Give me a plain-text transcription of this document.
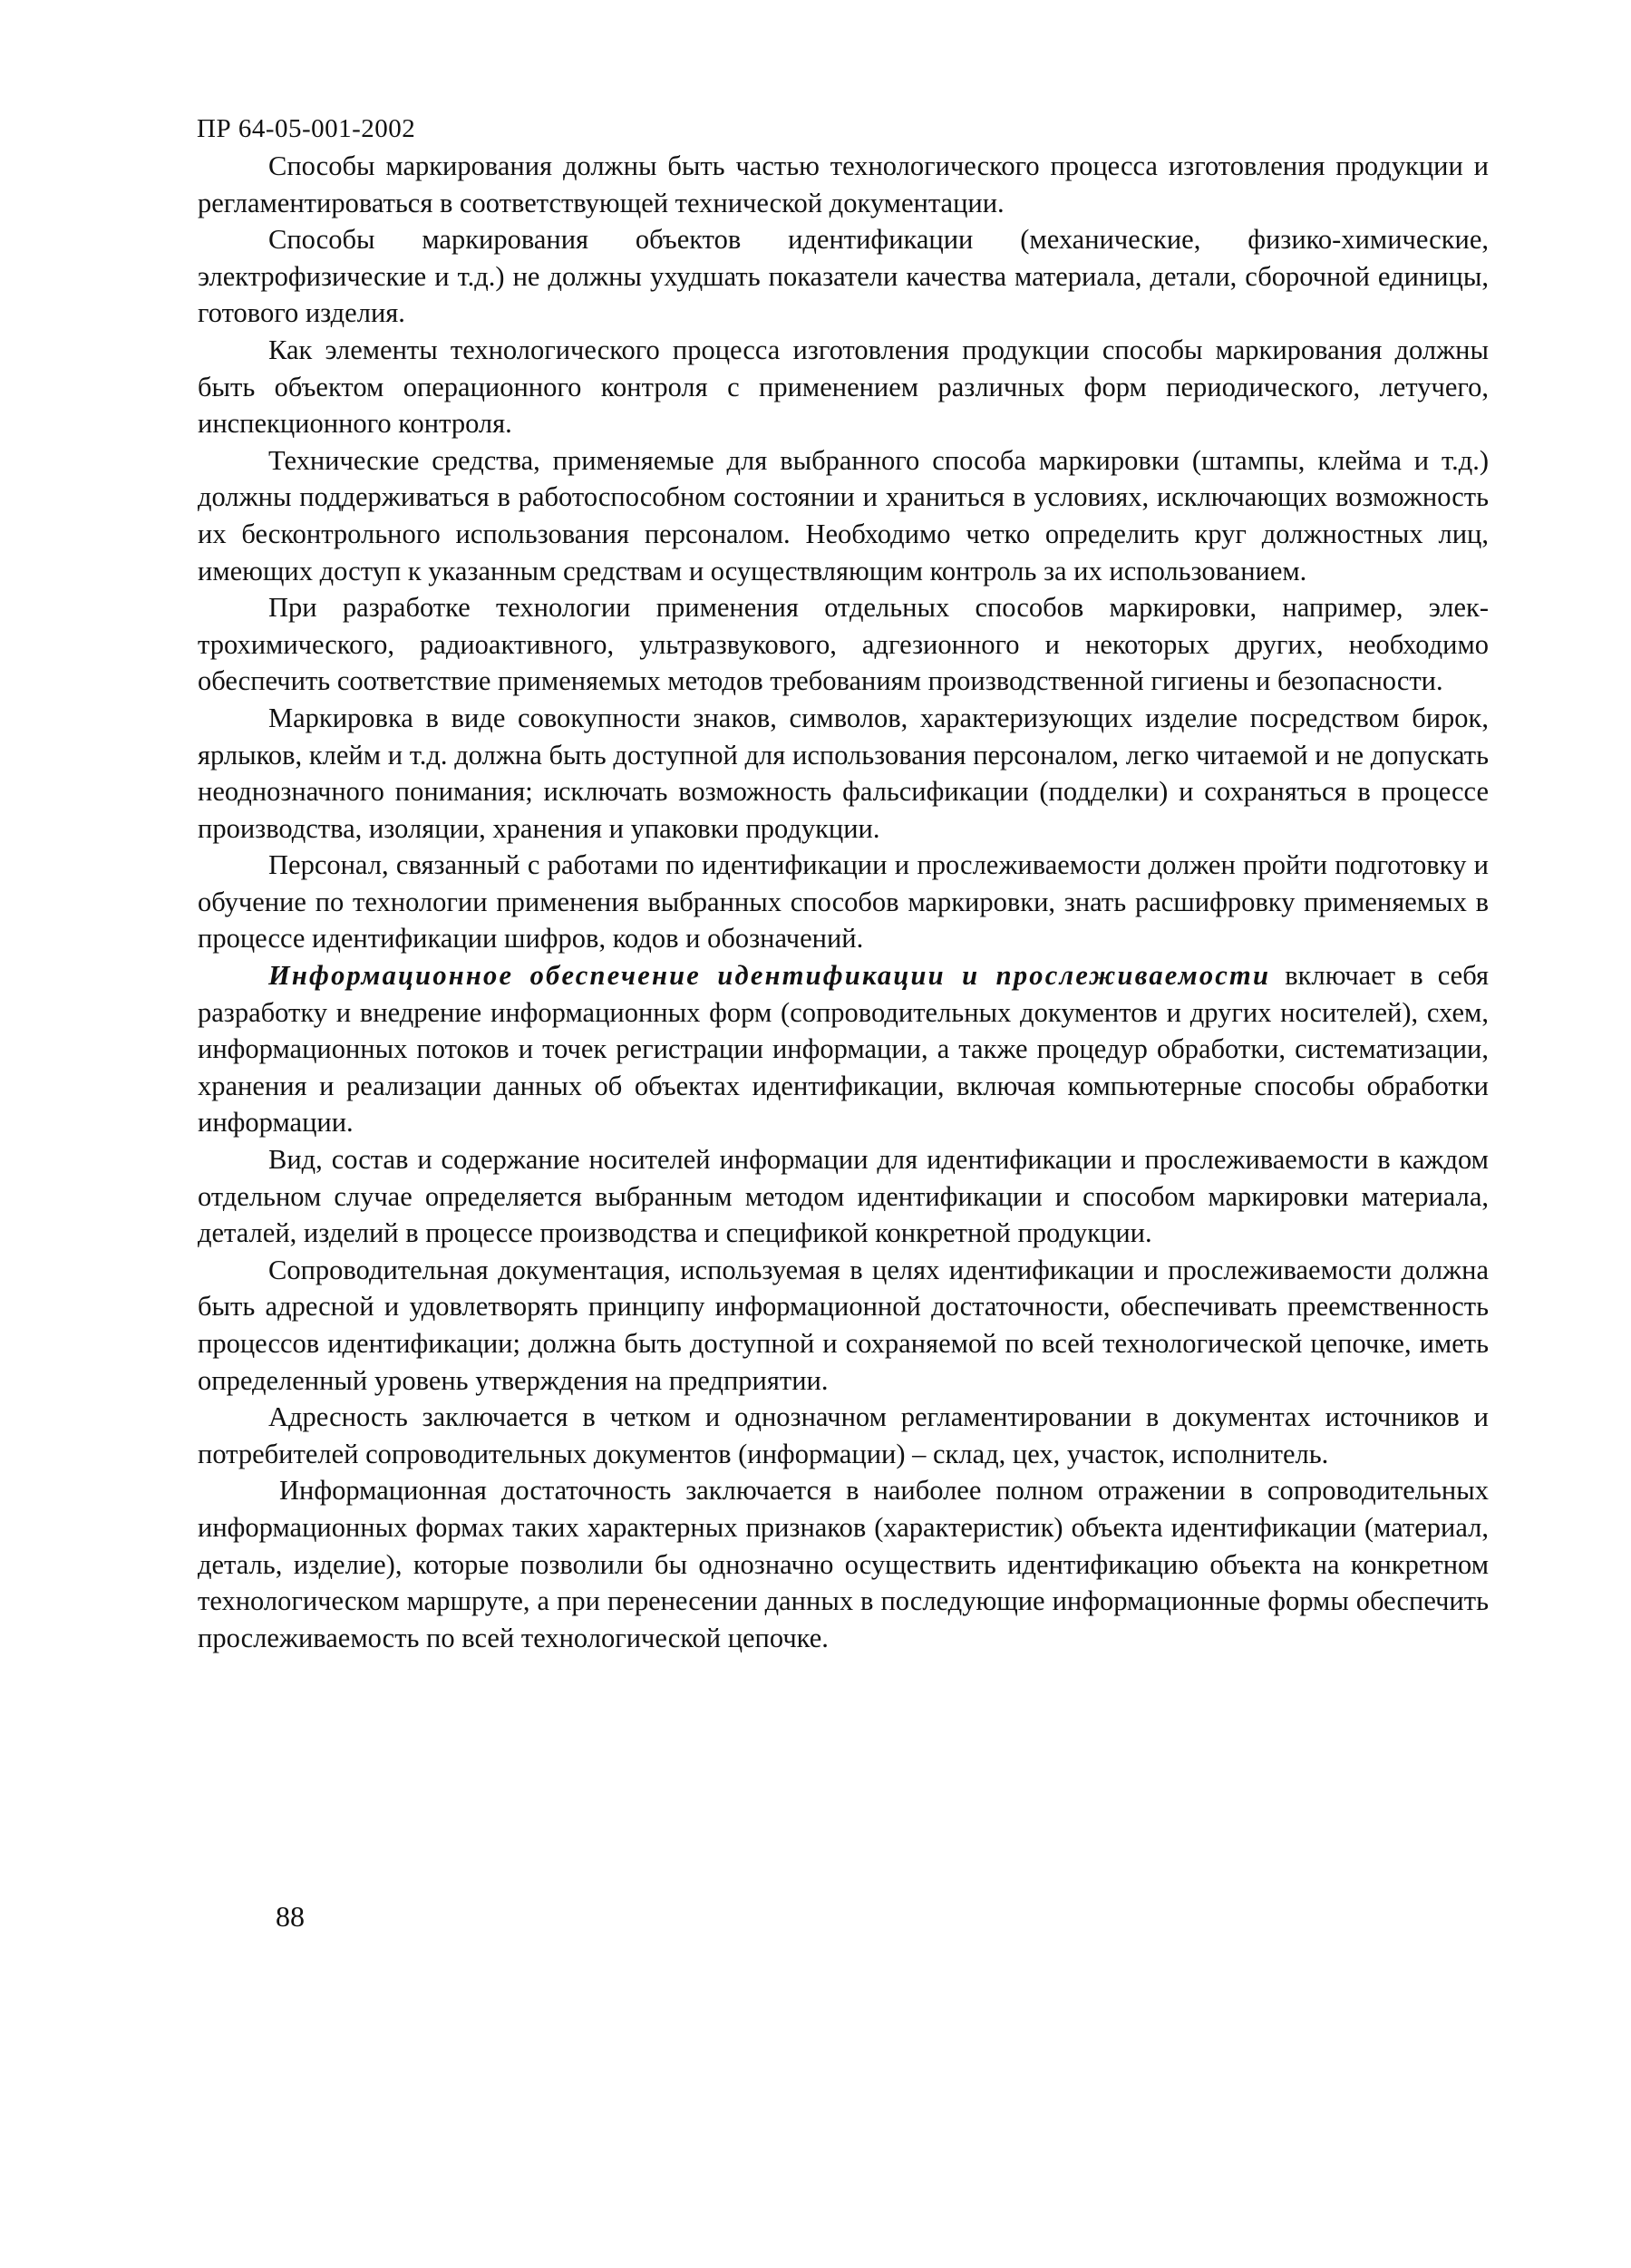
ПР 64-05-001-2002

Способы маркирования должны быть частью технологического процесса изготовления продукции и регламентироваться в соответствующей технической документации.

Способы маркирования объектов идентификации (механические, физико-химические, электрофизические и т.д.) не должны ухудшать показатели качества материала, детали, сборочной единицы, готового изделия.

Как элементы технологического процесса изготовления продукции способы маркирования должны быть объектом операционного контроля с применением различных форм периодического, летучего, инспекционного контроля.

Технические средства, применяемые для выбранного способа маркировки (штампы, клейма и т.д.) должны поддерживаться в работоспособном состоянии и храниться в условиях, исключающих возможность их бесконтрольного использования персоналом. Необходимо четко определить круг должностных лиц, имеющих доступ к указанным средствам и осуществляющим контроль за их использованием.

При разработке технологии применения отдельных способов маркировки, например, электрохимического, радиоактивного, ультразвукового, адгезионного и некоторых других, необходимо обеспечить соответствие применяемых методов требованиям производственной гигиены и безопасности.

Маркировка в виде совокупности знаков, символов, характеризующих изделие посредством бирок, ярлыков, клейм и т.д. должна быть доступной для использования персоналом, легко читаемой и не допускать неоднозначного понимания; исключать возможность фальсификации (подделки) и сохраняться в процессе производства, изоляции, хранения и упаковки продукции.

Персонал, связанный с работами по идентификации и прослеживаемости должен пройти подготовку и обучение по технологии применения выбранных способов маркировки, знать расшифровку применяемых в процессе идентификации шифров, кодов и обозначений.

Информационное обеспечение идентификации и прослеживаемости включает в себя разработку и внедрение информационных форм (сопроводительных документов и других носителей), схем, информационных потоков и точек регистрации информации, а также процедур обработки, систематизации, хранения и реализации данных об объектах идентификации, включая компьютерные способы обработки информации.

Вид, состав и содержание носителей информации для идентификации и прослеживаемости в каждом отдельном случае определяется выбранным методом идентификации и способом маркировки материала, деталей, изделий в процессе производства и спецификой конкретной продукции.

Сопроводительная документация, используемая в целях идентификации и прослеживаемости должна быть адресной и удовлетворять принципу информационной достаточности, обеспечивать преемственность процессов идентификации; должна быть доступной и сохраняемой по всей технологической цепочке, иметь определенный уровень утверждения на предприятии.

Адресность заключается в четком и однозначном регламентировании в документах источников и потребителей сопроводительных документов (информации) – склад, цех, участок, исполнитель.

Информационная достаточность заключается в наиболее полном отражении в сопроводительных информационных формах таких характерных признаков (характеристик) объекта идентификации (материал, деталь, изделие), которые позволили бы однозначно осуществить идентификацию объекта на конкретном технологическом маршруте, а при перенесении данных в последующие информационные формы обеспечить прослеживаемость по всей технологической цепочке.

88
